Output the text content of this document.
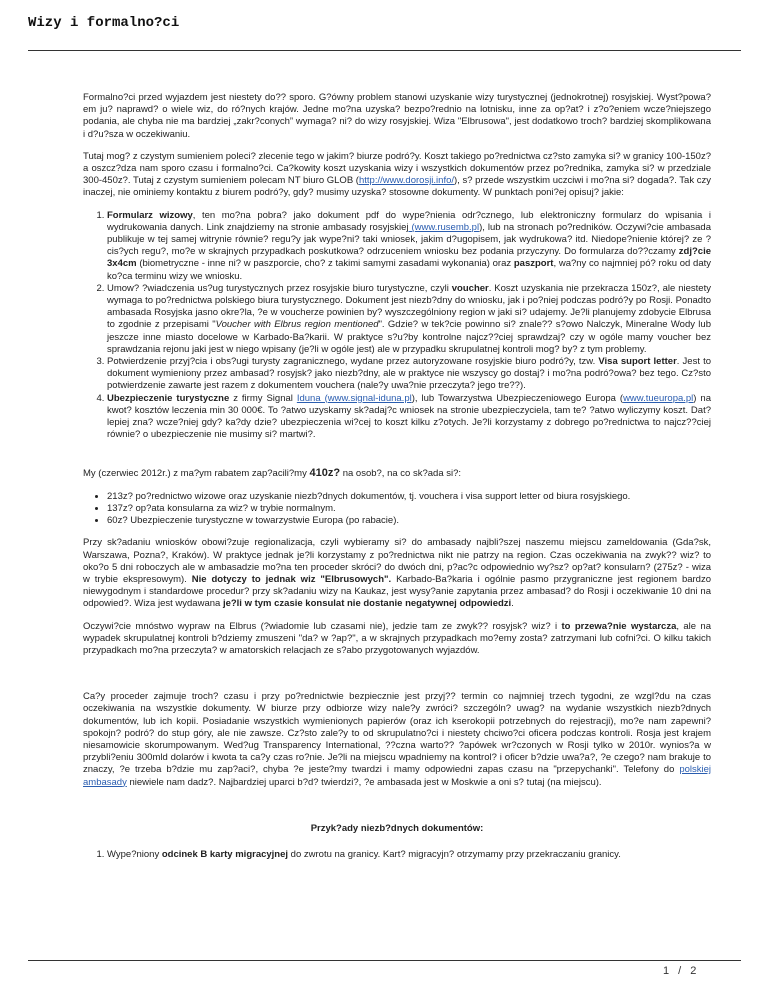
Wizy i formalno?ci

Formalno?ci przed wyjazdem jest niestety do?? sporo. G?ówny problem stanowi uzyskanie wizy turystycznej (jednokrotnej) rosyjskiej. Wyst?powa?em ju? naprawd? o wiele wiz, do ró?nych krajów. Jedne mo?na uzyska? bezpo?rednio na lotnisku, inne za op?at? i z?o?eniem wcze?niejszego podania, ale chyba nie ma bardziej „zakr?conych” wymaga? ni? do wizy rosyjskiej. Wiza "Elbrusowa", jest dodatkowo troch? bardziej skomplikowana i d?u?sza w oczekiwaniu.

Tutaj mog? z czystym sumieniem poleci? zlecenie tego w jakim? biurze podró?y. Koszt takiego po?rednictwa cz?sto zamyka si? w granicy 100-150z? a oszcz?dza nam sporo czasu i formalno?ci. Ca?kowity koszt uzyskania wizy i wszystkich dokumentów przez po?rednika, zamyka si? w przedziale 300-450z?. Tutaj z czystym sumieniem polecam NT biuro GLOB (http://www.dorosji.info/), s? przede wszystkim uczciwi i mo?na si? dogada?. Tak czy inaczej, nie ominiemy kontaktu z biurem podró?y, gdy? musimy uzyska? stosowne dokumenty. W punktach poni?ej opisuj? jakie:

1. Formularz wizowy, ten mo?na pobra? jako dokument pdf do wype?nienia odr?cznego, lub elektroniczny formularz do wpisania i wydrukowania danych. Link znajdziemy na stronie ambasady rosyjskiej (www.rusemb.pl), lub na stronach po?redników. Oczywi?cie ambasada publikuje w tej samej witrynie równie? regu?y jak wype?ni? taki wniosek, jakim d?ugopisem, jak wydrukowa? itd. Niedope?nienie której? ze ?cis?ych regu?, mo?e w skrajnych przypadkach poskutkowa? odrzuceniem wniosku bez podania przyczyny. Do formularza do??czamy zdj?cie 3x4cm (biometryczne - inne ni? w paszporcie, cho? z takimi samymi zasadami wykonania) oraz paszport, wa?ny co najmniej pó? roku od daty ko?ca terminu wizy we wniosku.
2. Umow? ?wiadczenia us?ug turystycznych przez rosyjskie biuro turystyczne, czyli voucher. Koszt uzyskania nie przekracza 150z?, ale niestety wymaga to po?rednictwa polskiego biura turystycznego. Dokument jest niezb?dny do wniosku, jak i po?niej podczas podró?y po Rosji. Ponadto ambasada Rosyjska jasno okre?la, ?e w voucherze powinien by? wyszczególniony region w jaki si? udajemy. Je?li planujemy zdobycie Elbrusa to zgodnie z przepisami "Voucher with Elbrus region mentioned". Gdzie? w tek?cie powinno si? znale?? s?owo Nalczyk, Mineralne Wody lub jeszcze inne miasto docelowe w Karbado-Ba?karii. W praktyce s?u?by kontrolne najcz??ciej sprawdzaj? czy w ogóle mamy voucher bez sprawdzania rejonu jaki jest w niego wpisany (je?li w ogóle jest) ale w przypadku skrupulatnej kontroli mog? by? z tym problemy.
3. Potwierdzenie przyj?cia i obs?ugi turysty zagranicznego, wydane przez autoryzowane rosyjskie biuro podró?y, tzw. Visa suport letter. Jest to dokument wymieniony przez ambasad? rosyjsk? jako niezb?dny, ale w praktyce nie wszyscy go dostaj? i mo?na podró?owa? bez tego. Cz?sto potwierdzenie zawarte jest razem z dokumentem vouchera (nale?y uwa?nie przeczyta? jego tre??).
4. Ubezpieczenie turystyczne z firmy Signal Iduna (www.signal-iduna.pl), lub Towarzystwa Ubezpieczeniowego Europa (www.tueuropa.pl) na kwot? kosztów leczenia min 30 000€. To ?atwo uzyskamy sk?adaj?c wniosek na stronie ubezpieczyciela, tam te? ?atwo wyliczymy koszt. Dat? lepiej zna? wcze?niej gdy? ka?dy dzie? ubezpieczenia wi?cej to koszt kilku z?otych. Je?li korzystamy z dobrego po?rednictwa to najcz??ciej równie? o ubezpieczenie nie musimy si? martwi?.

My (czerwiec 2012r.) z ma?ym rabatem zap?acili?my 410z? na osob?, na co sk?ada si?:

• 213z? po?rednictwo wizowe oraz uzyskanie niezb?dnych dokumentów, tj. vouchera i visa support letter od biura rosyjskiego.
• 137z? op?ata konsularna za wiz? w trybie normalnym.
• 60z? Ubezpieczenie turystyczne w towarzystwie Europa (po rabacie).

Przy sk?adaniu wniosków obowi?zuje regionalizacja, czyli wybieramy si? do ambasady najbli?szej naszemu miejscu zameldowania (Gda?sk, Warszawa, Pozna?, Kraków). W praktyce jednak je?li korzystamy z po?rednictwa nikt nie patrzy na region. Czas oczekiwania na zwyk?? wiz? to oko?o 5 dni roboczych ale w ambasadzie mo?na ten proceder skróci? do dwóch dni, p?ac?c odpowiednio wy?sz? op?at? konsularn? (275z? - wiza w trybie ekspresowym). Nie dotyczy to jednak wiz "Elbrusowych". Karbado-Ba?karia i ogólnie pasmo przygraniczne jest regionem bardzo niewygodnym i standardowe procedur? przy sk?adaniu wizy na Kaukaz, jest wysy?anie zapytania przez ambasad? do Rosji i oczekiwanie 10 dni na odpowied?. Wiza jest wydawana je?li w tym czasie konsulat nie dostanie negatywnej odpowiedzi.

Oczywi?cie mnóstwo wypraw na Elbrus (?wiadomie lub czasami nie), jedzie tam ze zwyk?? rosyjsk? wiz? i to przewa?nie wystarcza, ale na wypadek skrupulatnej kontroli b?dziemy zmuszeni "da? w ?ap?", a w skrajnych przypadkach mo?emy zosta? zatrzymani lub cofni?ci. O kilku takich przypadkach mo?na przeczyta? w amatorskich relacjach ze s?abo przygotowanych wyjazdów.

Ca?y proceder zajmuje troch? czasu i przy po?rednictwie bezpiecznie jest przyj?? termin co najmniej trzech tygodni, ze wzgl?du na czas oczekiwania na wszystkie dokumenty. W biurze przy odbiorze wizy nale?y zwróci? szczególn? uwag? na wydanie wszystkich niezb?dnych dokumentów, lub ich kopii. Posiadanie wszystkich wymienionych papierów (oraz ich kserokopii potrzebnych do rejestracji), mo?e nam zapewni? spokojn? podró? do stup góry, ale nie zawsze. Cz?sto zale?y to od skrupulatno?ci i niestety chciwo?ci oficera podczas kontroli. Rosja jest krajem niesamowicie skorumpowanym. Wed?ug Transparency International, ??czna warto?? ?apówek wr?czonych w Rosji tylko w 2010r. wynios?a w przybli?eniu 300mld dolarów i kwota ta ca?y czas ro?nie. Je?li na miejscu wpadniemy na kontrol? i oficer b?dzie uwa?a?, ?e czego? nam brakuje to znaczy, ?e trzeba b?dzie mu zap?aci?, chyba ?e jeste?my twardzi i mamy odpowiedni zapas czasu na "przepychanki". Telefony do polskiej ambasady niewiele nam dadz?. Najbardziej uparci b?d? twierdzi?, ?e ambasada jest w Moskwie a oni s? tutaj (na miejscu).

Przyk?ady niezb?dnych dokumentów:

1. Wype?niony odcinek B karty migracyjnej do zwrotu na granicy. Kart? migracyjn? otrzymamy przy przekraczaniu granicy.
1 / 2
